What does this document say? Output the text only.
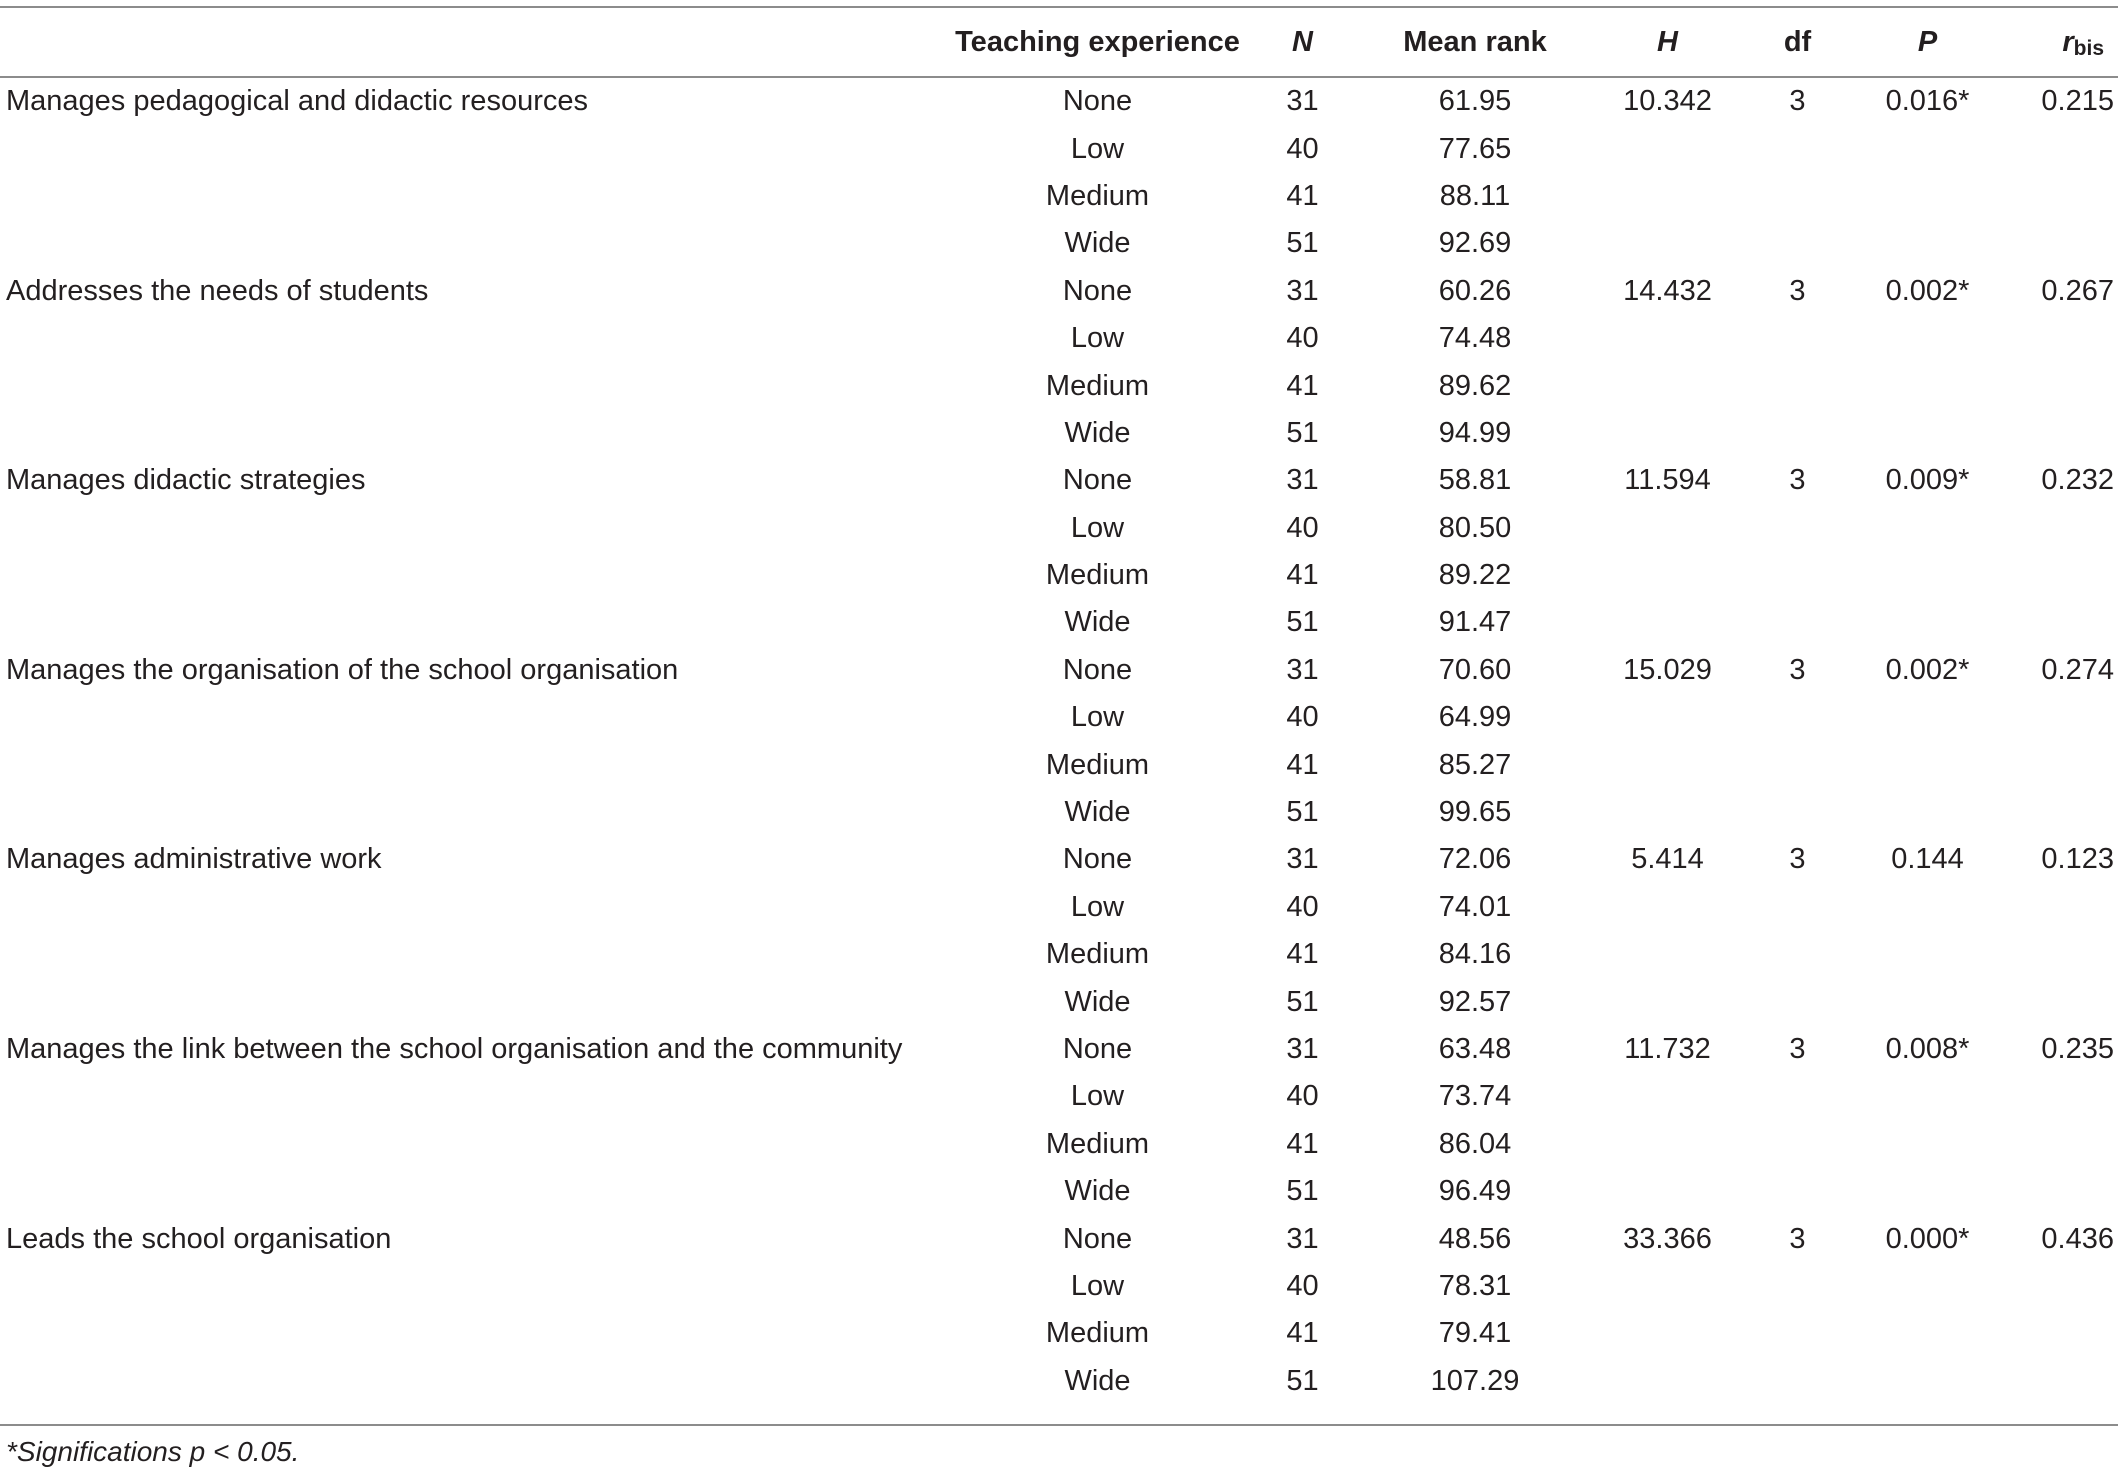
	Teaching experience	N	Mean rank	H	df	P	$r_{bis}$

Manages pedagogical and didactic resources	None	31	61.95	10.342	3	0.016*	0.215
	Low	40	77.65				
	Medium	41	88.11				
	Wide	51	92.69				
Addresses the needs of students	None	31	60.26	14.432	3	0.002*	0.267
	Low	40	74.48				
	Medium	41	89.62				
	Wide	51	94.99				
Manages didactic strategies	None	31	58.81	11.594	3	0.009*	0.232
	Low	40	80.50				
	Medium	41	89.22				
	Wide	51	91.47				
Manages the organisation of the school organisation	None	31	70.60	15.029	3	0.002*	0.274
	Low	40	64.99				
	Medium	41	85.27				
	Wide	51	99.65				
Manages administrative work	None	31	72.06	5.414	3	0.144	0.123
	Low	40	74.01				
	Medium	41	84.16				
	Wide	51	92.57				
Manages the link between the school organisation and the community	None	31	63.48	11.732	3	0.008*	0.235
	Low	40	73.74				
	Medium	41	86.04				
	Wide	51	96.49				
Leads the school organisation	None	31	48.56	33.366	3	0.000*	0.436
	Low	40	78.31				
	Medium	41	79.41				
	Wide	51	107.29				
*Significations p < 0.05.
